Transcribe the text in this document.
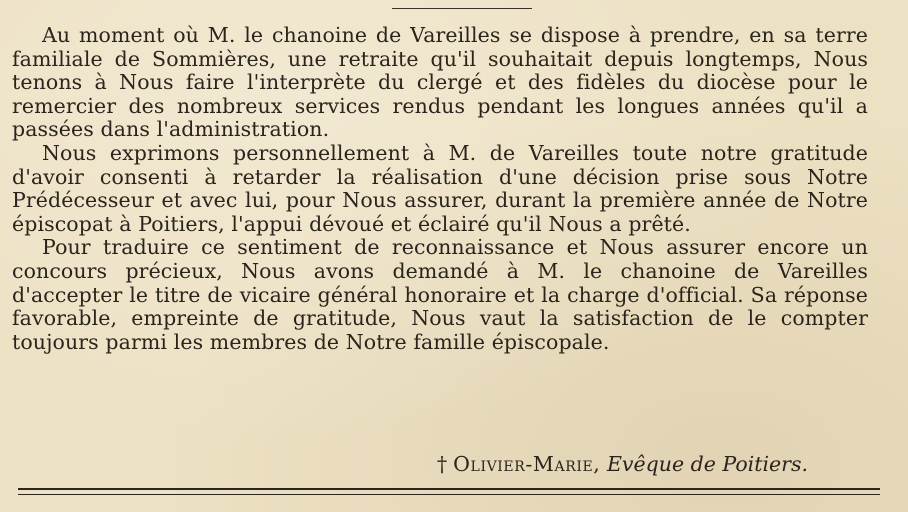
Au moment où M. le chanoine de Vareilles se dispose à prendre, en sa terre familiale de Sommières, une retraite qu'il souhaitait depuis longtemps, Nous tenons à Nous faire l'interprète du clergé et des fidèles du diocèse pour le remercier des nombreux services rendus pendant les longues années qu'il a passées dans l'administration.

Nous exprimons personnellement à M. de Vareilles toute notre gratitude d'avoir consenti à retarder la réalisation d'une décision prise sous Notre Prédécesseur et avec lui, pour Nous assurer, durant la première année de Notre épiscopat à Poitiers, l'appui dévoué et éclairé qu'il Nous a prêté.

Pour traduire ce sentiment de reconnaissance et Nous assurer encore un concours précieux, Nous avons demandé à M. le chanoine de Vareilles d'accepter le titre de vicaire général honoraire et la charge d'official. Sa réponse favorable, empreinte de gratitude, Nous vaut la satisfaction de le compter toujours parmi les membres de Notre famille épiscopale.

† Olivier-Marie, Evêque de Poitiers.
